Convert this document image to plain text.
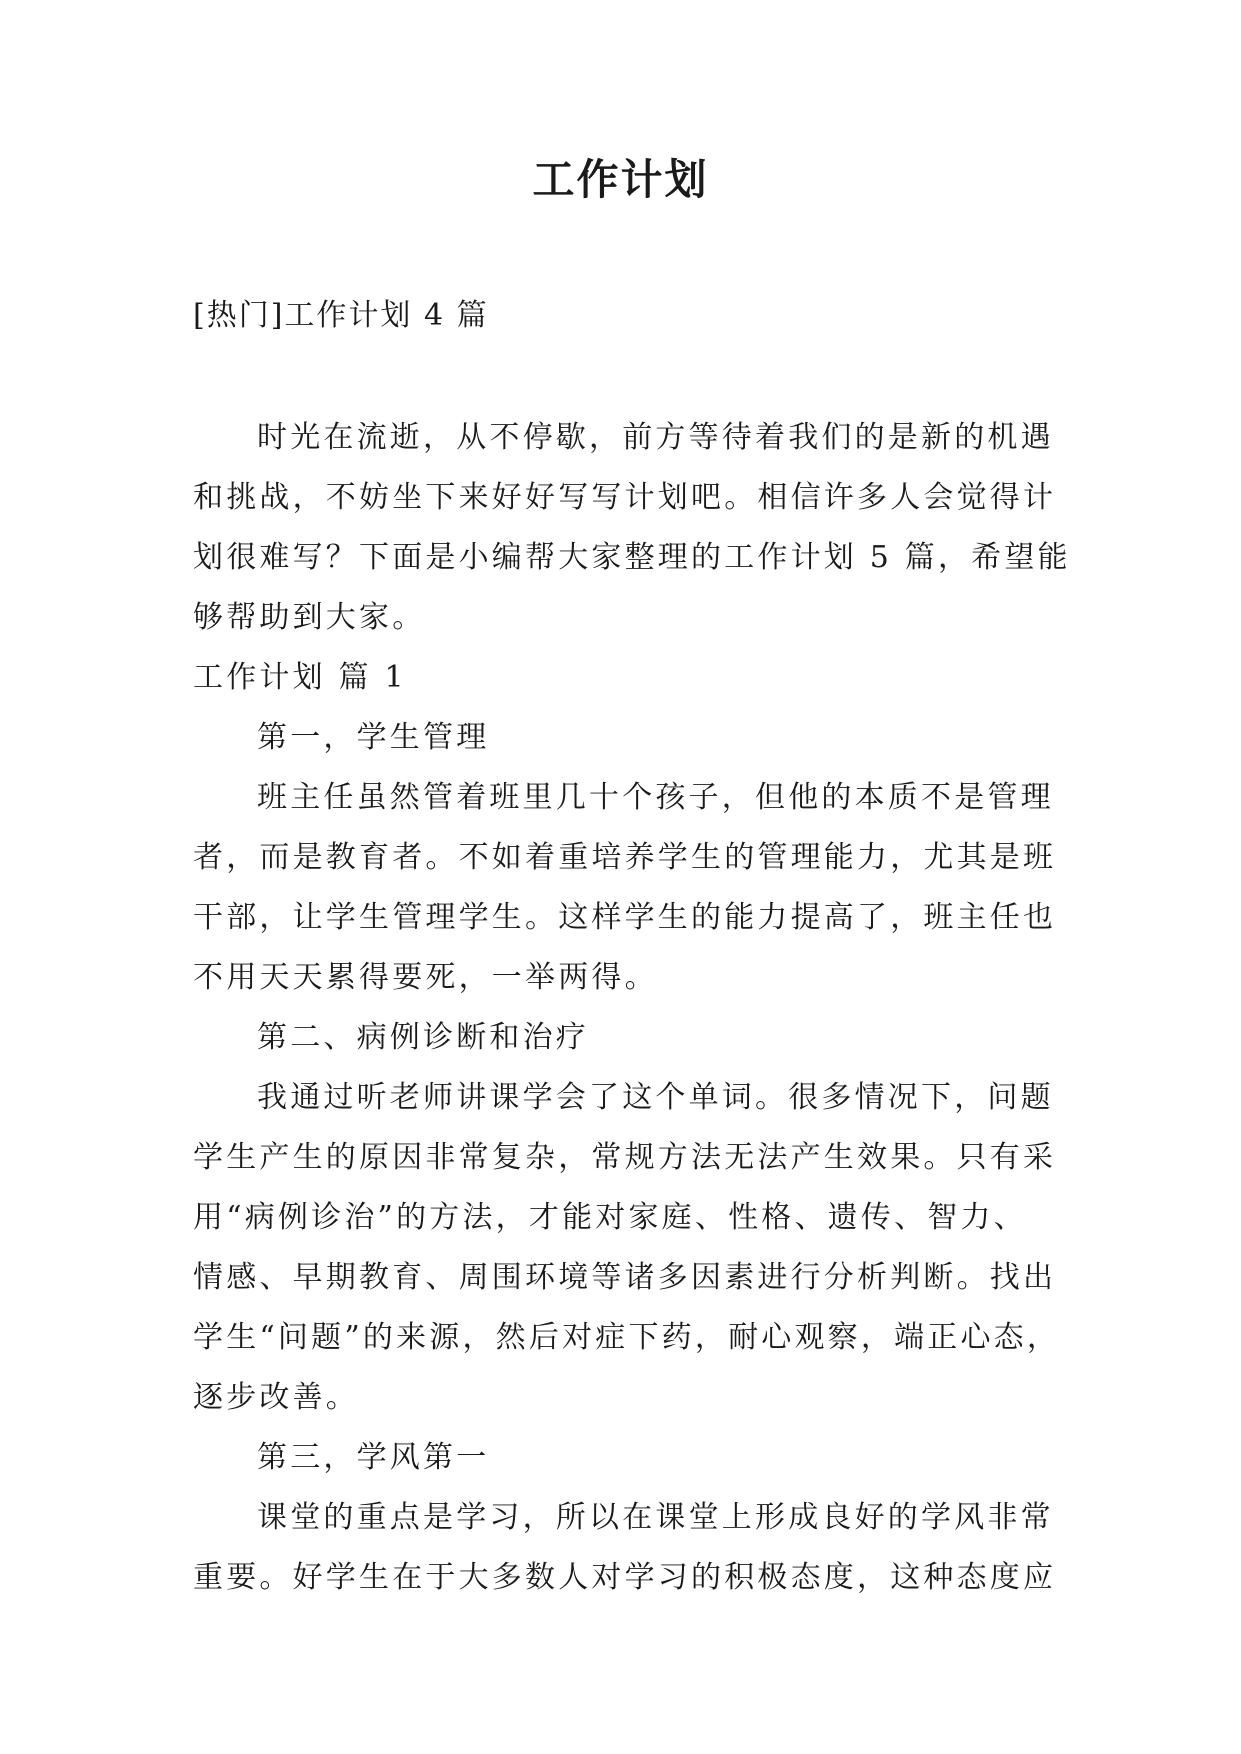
工作计划

[热门]工作计划 4 篇

时光在流逝，从不停歇，前方等待着我们的是新的机遇

和挑战，不妨坐下来好好写写计划吧。相信许多人会觉得计

划很难写？下面是小编帮大家整理的工作计划 5 篇，希望能

够帮助到大家。

工作计划 篇 1

第一，学生管理

班主任虽然管着班里几十个孩子，但他的本质不是管理

者，而是教育者。不如着重培养学生的管理能力，尤其是班

干部，让学生管理学生。这样学生的能力提高了，班主任也

不用天天累得要死，一举两得。

第二、病例诊断和治疗

我通过听老师讲课学会了这个单词。很多情况下，问题

学生产生的原因非常复杂，常规方法无法产生效果。只有采

用“病例诊治”的方法，才能对家庭、性格、遗传、智力、

情感、早期教育、周围环境等诸多因素进行分析判断。找出

学生“问题”的来源，然后对症下药，耐心观察，端正心态，

逐步改善。

第三，学风第一

课堂的重点是学习，所以在课堂上形成良好的学风非常

重要。好学生在于大多数人对学习的积极态度，这种态度应
